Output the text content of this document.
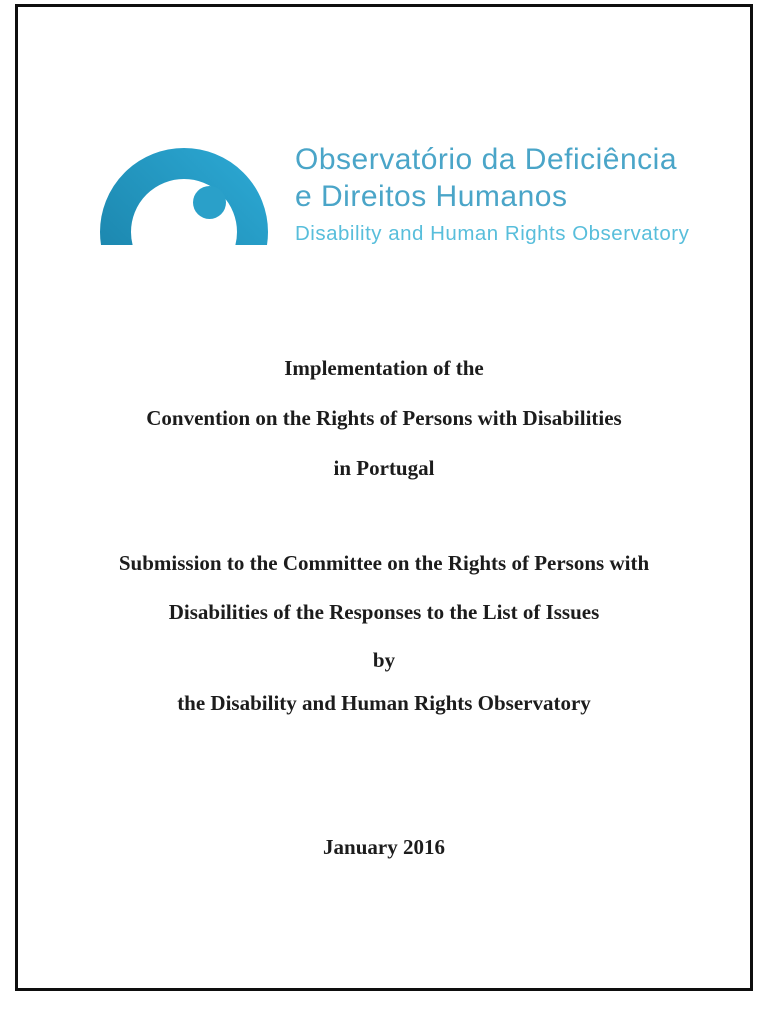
Observatório da Deficiência
e Direitos Humanos
Disability and Human Rights Observatory
Implementation of the
Convention on the Rights of Persons with Disabilities
in Portugal
Submission to the Committee on the Rights of Persons with
Disabilities of the Responses to the List of Issues
by
the Disability and Human Rights Observatory
January 2016
